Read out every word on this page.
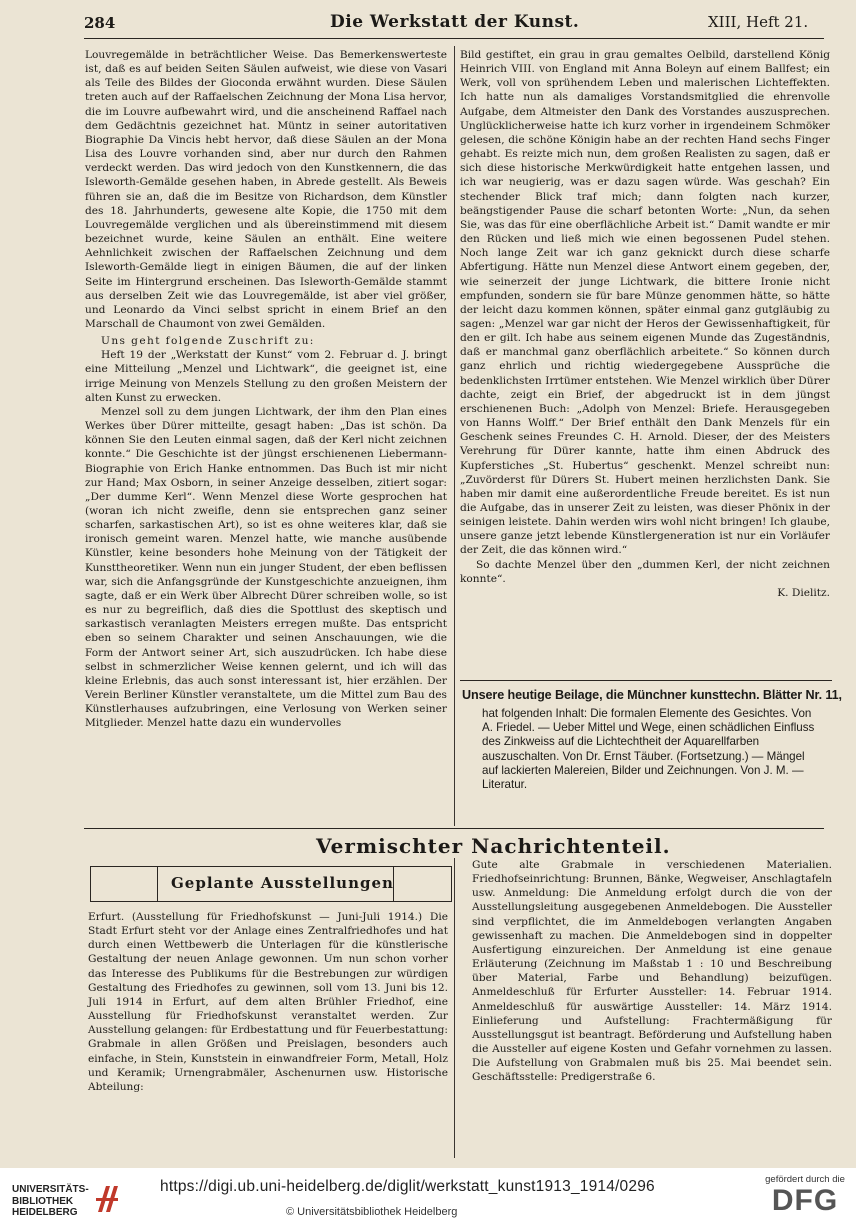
284	Die Werkstatt der Kunst.	XIII, Heft 21.

Louvregemälde in beträchtlicher Weise. Das Bemerkenswerteste ist, daß es auf beiden Seiten Säulen aufweist, wie diese von Vasari als Teile des Bildes der Gioconda erwähnt wurden. Diese Säulen treten auch auf der Raffaelschen Zeichnung der Mona Lisa hervor, die im Louvre aufbewahrt wird, und die anscheinend Raffael nach dem Gedächtnis gezeichnet hat. Müntz in seiner autoritativen Biographie Da Vincis hebt hervor, daß diese Säulen an der Mona Lisa des Louvre vorhanden sind, aber nur durch den Rahmen verdeckt werden. Das wird jedoch von den Kunstkennern, die das Isleworth-Gemälde gesehen haben, in Abrede gestellt. Als Beweis führen sie an, daß die im Besitze von Richardson, dem Künstler des 18. Jahrhunderts, gewesene alte Kopie, die 1750 mit dem Louvregemälde verglichen und als übereinstimmend mit diesem bezeichnet wurde, keine Säulen an enthält. Eine weitere Aehnlichkeit zwischen der Raffaelschen Zeichnung und dem Isleworth-Gemälde liegt in einigen Bäumen, die auf der linken Seite im Hintergrund erscheinen. Das Isleworth-Gemälde stammt aus derselben Zeit wie das Louvregemälde, ist aber viel größer, und Leonardo da Vinci selbst spricht in einem Brief an den Marschall de Chaumont von zwei Gemälden.

Uns geht folgende Zuschrift zu:

Heft 19 der „Werkstatt der Kunst“ vom 2. Februar d. J. bringt eine Mitteilung „Menzel und Lichtwark“, die geeignet ist, eine irrige Meinung von Menzels Stellung zu den großen Meistern der alten Kunst zu erwecken.

Menzel soll zu dem jungen Lichtwark, der ihm den Plan eines Werkes über Dürer mitteilte, gesagt haben: „Das ist schön. Da können Sie den Leuten einmal sagen, daß der Kerl nicht zeichnen konnte.“ Die Geschichte ist der jüngst erschienenen Liebermann-Biographie von Erich Hanke entnommen. Das Buch ist mir nicht zur Hand; Max Osborn, in seiner Anzeige desselben, zitiert sogar: „Der dumme Kerl“. Wenn Menzel diese Worte gesprochen hat (woran ich nicht zweifle, denn sie entsprechen ganz seiner scharfen, sarkastischen Art), so ist es ohne weiteres klar, daß sie ironisch gemeint waren. Menzel hatte, wie manche ausübende Künstler, keine besonders hohe Meinung von der Tätigkeit der Kunsttheoretiker. Wenn nun ein junger Student, der eben beflissen war, sich die Anfangsgründe der Kunstgeschichte anzueignen, ihm sagte, daß er ein Werk über Albrecht Dürer schreiben wolle, so ist es nur zu begreiflich, daß dies die Spottlust des skeptisch und sarkastisch veranlagten Meisters erregen mußte. Das entspricht eben so seinem Charakter und seinen Anschauungen, wie die Form der Antwort seiner Art, sich auszudrücken. Ich habe diese selbst in schmerzlicher Weise kennen gelernt, und ich will das kleine Erlebnis, das auch sonst interessant ist, hier erzählen. Der Verein Berliner Künstler veranstaltete, um die Mittel zum Bau des Künstlerhauses aufzubringen, eine Verlosung von Werken seiner Mitglieder. Menzel hatte dazu ein wundervolles

Bild gestiftet, ein grau in grau gemaltes Oelbild, darstellend König Heinrich VIII. von England mit Anna Boleyn auf einem Ballfest; ein Werk, voll von sprühendem Leben und malerischen Lichteffekten. Ich hatte nun als damaliges Vorstandsmitglied die ehrenvolle Aufgabe, dem Altmeister den Dank des Vorstandes auszusprechen. Unglücklicherweise hatte ich kurz vorher in irgendeinem Schmöker gelesen, die schöne Königin habe an der rechten Hand sechs Finger gehabt. Es reizte mich nun, dem großen Realisten zu sagen, daß er sich diese historische Merkwürdigkeit hatte entgehen lassen, und ich war neugierig, was er dazu sagen würde. Was geschah? Ein stechender Blick traf mich; dann folgten nach kurzer, beängstigender Pause die scharf betonten Worte: „Nun, da sehen Sie, was das für eine oberflächliche Arbeit ist.“ Damit wandte er mir den Rücken und ließ mich wie einen begossenen Pudel stehen. Noch lange Zeit war ich ganz geknickt durch diese scharfe Abfertigung. Hätte nun Menzel diese Antwort einem gegeben, der, wie seinerzeit der junge Lichtwark, die bittere Ironie nicht empfunden, sondern sie für bare Münze genommen hätte, so hätte der leicht dazu kommen können, später einmal ganz gutgläubig zu sagen: „Menzel war gar nicht der Heros der Gewissenhaftigkeit, für den er gilt. Ich habe aus seinem eigenen Munde das Zugeständnis, daß er manchmal ganz oberflächlich arbeitete.“ So können durch ganz ehrlich und richtig wiedergegebene Aussprüche die bedenklichsten Irrtümer entstehen. Wie Menzel wirklich über Dürer dachte, zeigt ein Brief, der abgedruckt ist in dem jüngst erschienenen Buch: „Adolph von Menzel: Briefe. Herausgegeben von Hanns Wolff.“ Der Brief enthält den Dank Menzels für ein Geschenk seines Freundes C. H. Arnold. Dieser, der des Meisters Verehrung für Dürer kannte, hatte ihm einen Abdruck des Kupferstiches „St. Hubertus“ geschenkt. Menzel schreibt nun: „Zuvörderst für Dürers St. Hubert meinen herzlichsten Dank. Sie haben mir damit eine außerordentliche Freude bereitet. Es ist nun die Aufgabe, das in unserer Zeit zu leisten, was dieser Phönix in der seinigen leistete. Dahin werden wirs wohl nicht bringen! Ich glaube, unsere ganze jetzt lebende Künstlergeneration ist nur ein Vorläufer der Zeit, die das können wird.“

So dachte Menzel über den „dummen Kerl, der nicht zeichnen konnte“.

K. Dielitz.

Unsere heutige Beilage, die Münchner kunsttechn. Blätter Nr. 11,

hat folgenden Inhalt: Die formalen Elemente des Gesichtes. Von A. Friedel. — Ueber Mittel und Wege, einen schädlichen Einfluss des Zinkweiss auf die Lichtechtheit der Aquarellfarben auszuschalten. Von Dr. Ernst Täuber. (Fortsetzung.) — Mängel auf lackierten Malereien, Bilder und Zeichnungen. Von J. M. — Literatur.

Vermischter Nachrichtenteil.
Geplante Ausstellungen

Erfurt. (Ausstellung für Friedhofskunst — Juni-Juli 1914.) Die Stadt Erfurt steht vor der Anlage eines Zentralfriedhofes und hat durch einen Wettbewerb die Unterlagen für die künstlerische Gestaltung der neuen Anlage gewonnen. Um nun schon vorher das Interesse des Publikums für die Bestrebungen zur würdigen Gestaltung des Friedhofes zu gewinnen, soll vom 13. Juni bis 12. Juli 1914 in Erfurt, auf dem alten Brühler Friedhof, eine Ausstellung für Friedhofskunst veranstaltet werden. Zur Ausstellung gelangen: für Erdbestattung und für Feuerbestattung: Grabmale in allen Größen und Preislagen, besonders auch einfache, in Stein, Kunststein in einwandfreier Form, Metall, Holz und Keramik; Urnengrabmäler, Aschenurnen usw. Historische Abteilung:

Gute alte Grabmale in verschiedenen Materialien. Friedhofseinrichtung: Brunnen, Bänke, Wegweiser, Anschlagtafeln usw. Anmeldung: Die Anmeldung erfolgt durch die von der Ausstellungsleitung ausgegebenen Anmeldebogen. Die Aussteller sind verpflichtet, die im Anmeldebogen verlangten Angaben gewissenhaft zu machen. Die Anmeldebogen sind in doppelter Ausfertigung einzureichen. Der Anmeldung ist eine genaue Erläuterung (Zeichnung im Maßstab 1 : 10 und Beschreibung über Material, Farbe und Behandlung) beizufügen. Anmeldeschluß für Erfurter Aussteller: 14. Februar 1914. Anmeldeschluß für auswärtige Aussteller: 14. März 1914. Einlieferung und Aufstellung: Frachtermäßigung für Ausstellungsgut ist beantragt. Beförderung und Aufstellung haben die Aussteller auf eigene Kosten und Gefahr vornehmen zu lassen. Die Aufstellung von Grabmalen muß bis 25. Mai beendet sein. Geschäftsstelle: Predigerstraße 6.

UNIVERSITÄTS-
BIBLIOTHEK
HEIDELBERG
https://digi.ub.uni-heidelberg.de/diglit/werkstatt_kunst1913_1914/0296
© Universitätsbibliothek Heidelberg
gefördert durch die
DFG
